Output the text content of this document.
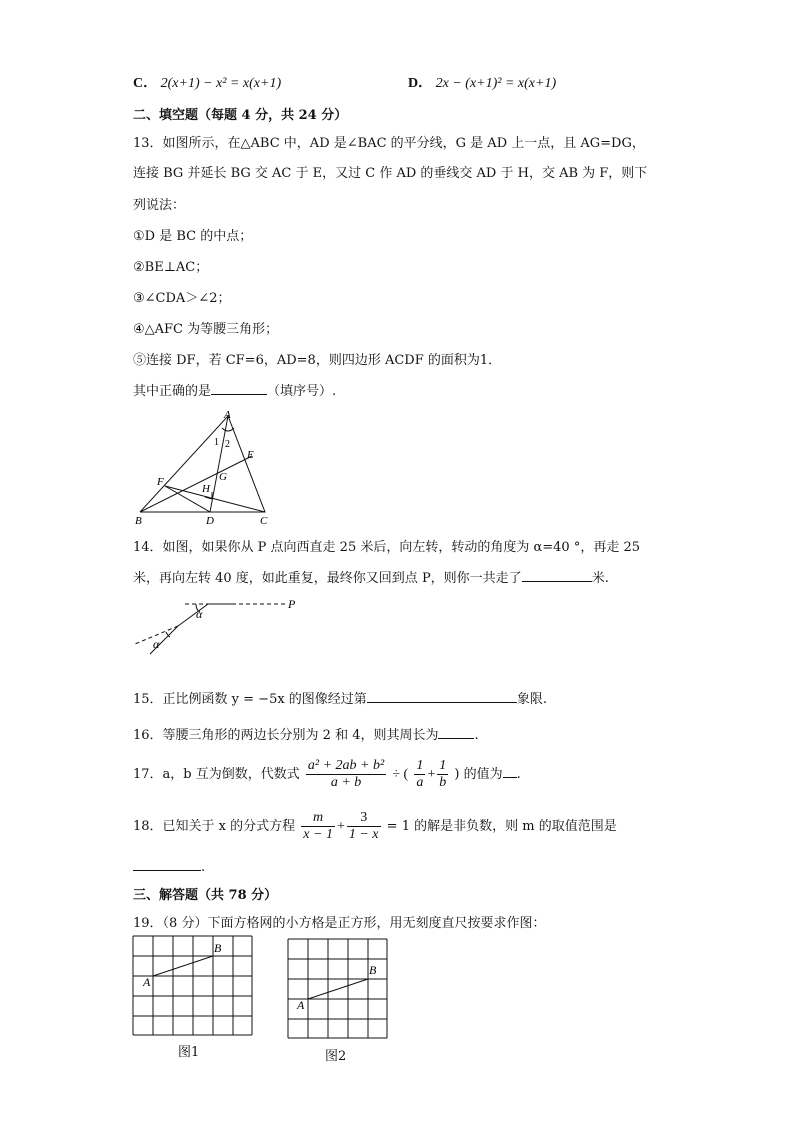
C． 2(x+1) − x² = x(x+1)	D． 2x − (x+1)² = x(x+1)
二、填空题（每题 4 分，共 24 分）
13．如图所示，在△ABC 中，AD 是∠BAC 的平分线，G 是 AD 上一点，且 AG=DG，
连接 BG 并延长 BG 交 AC 于 E，又过 C 作 AD 的垂线交 AD 于 H，交 AB 为 F，则下
列说法：
①D 是 BC 的中点；
②BE⊥AC；
③∠CDA＞∠2；
④△AFC 为等腰三角形；
⑤连接 DF，若 CF=6，AD=8，则四边形 ACDF 的面积为1．
其中正确的是	（填序号）.
A
1 2
E
G
F
H
B	D	C
14．如图，如果你从 P 点向西直走 25 米后，向左转，转动的角度为 α=40 °，再走 25
米，再向左转 40 度，如此重复，最终你又回到点 P，则你一共走了	米.
P
α
α
15．正比例函数 y = −5x 的图像经过第	象限.
16．等腰三角形的两边长分别为 2 和 4，则其周长为	.
17．a，b 互为倒数，代数式 $\frac{\text{a² + 2ab + b²}}{a + b}$ ÷ ( $\frac{1}{a} + \frac{1}{b}$ ) 的值为 .
18．已知关于 x 的分式方程 $\frac{m}{x - 1} + \frac{3}{1 - x} = 1$ 的解是非负数，则 m 的取值范围是
.
三、解答题（共 78 分）
19．（8 分）下面方格网的小方格是正方形，用无刻度直尺按要求作图：
A
B
图1
A
B
图2
